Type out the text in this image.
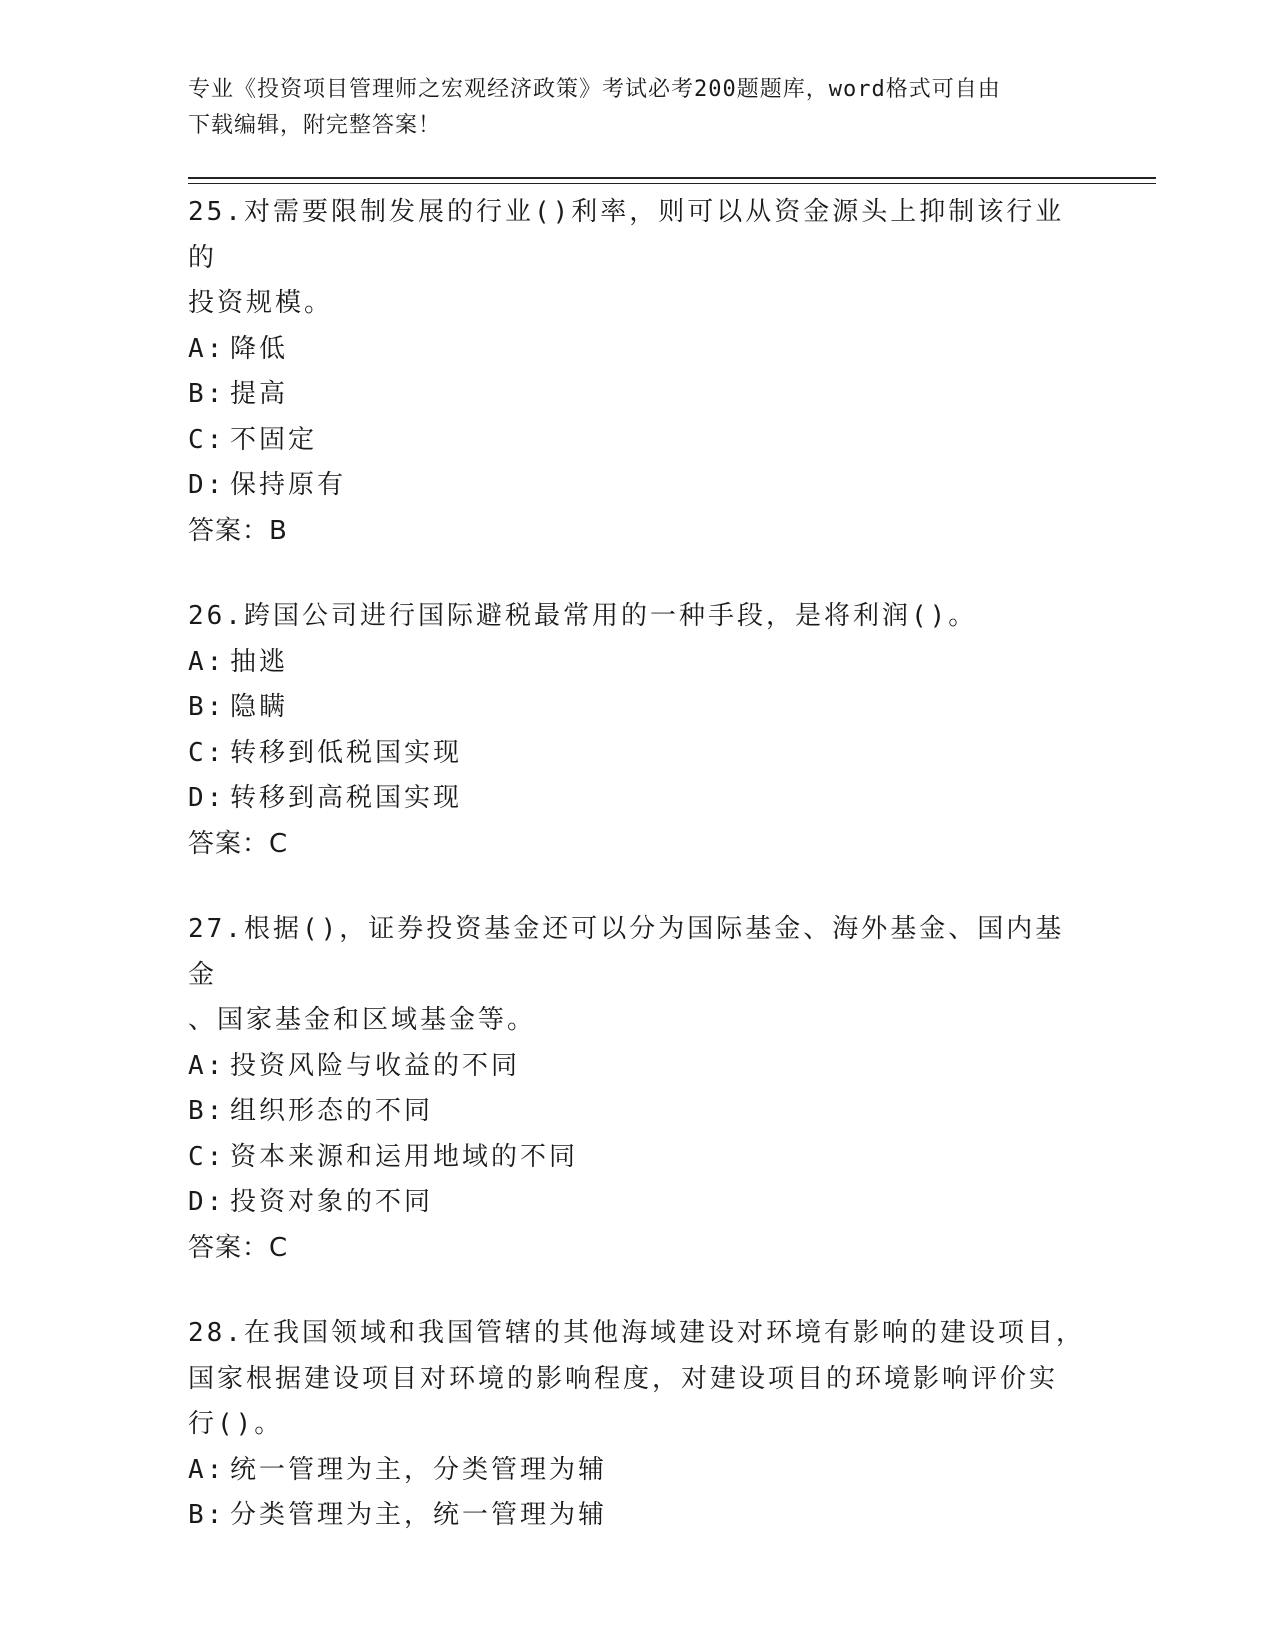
专业《投资项目管理师之宏观经济政策》考试必考200题题库，word格式可自由
下载编辑，附完整答案！

25.对需要限制发展的行业()利率，则可以从资金源头上抑制该行业的

投资规模。

A: 降低

B: 提高

C: 不固定

D: 保持原有

答案：B

26.跨国公司进行国际避税最常用的一种手段，是将利润()。

A: 抽逃

B: 隐瞒

C: 转移到低税国实现

D: 转移到高税国实现

答案：C

27.根据()，证券投资基金还可以分为国际基金、海外基金、国内基金

、国家基金和区域基金等。

A: 投资风险与收益的不同

B: 组织形态的不同

C: 资本来源和运用地域的不同

D: 投资对象的不同

答案：C

28.在我国领域和我国管辖的其他海域建设对环境有影响的建设项目，

国家根据建设项目对环境的影响程度，对建设项目的环境影响评价实

行()。

A: 统一管理为主，分类管理为辅

B: 分类管理为主，统一管理为辅
